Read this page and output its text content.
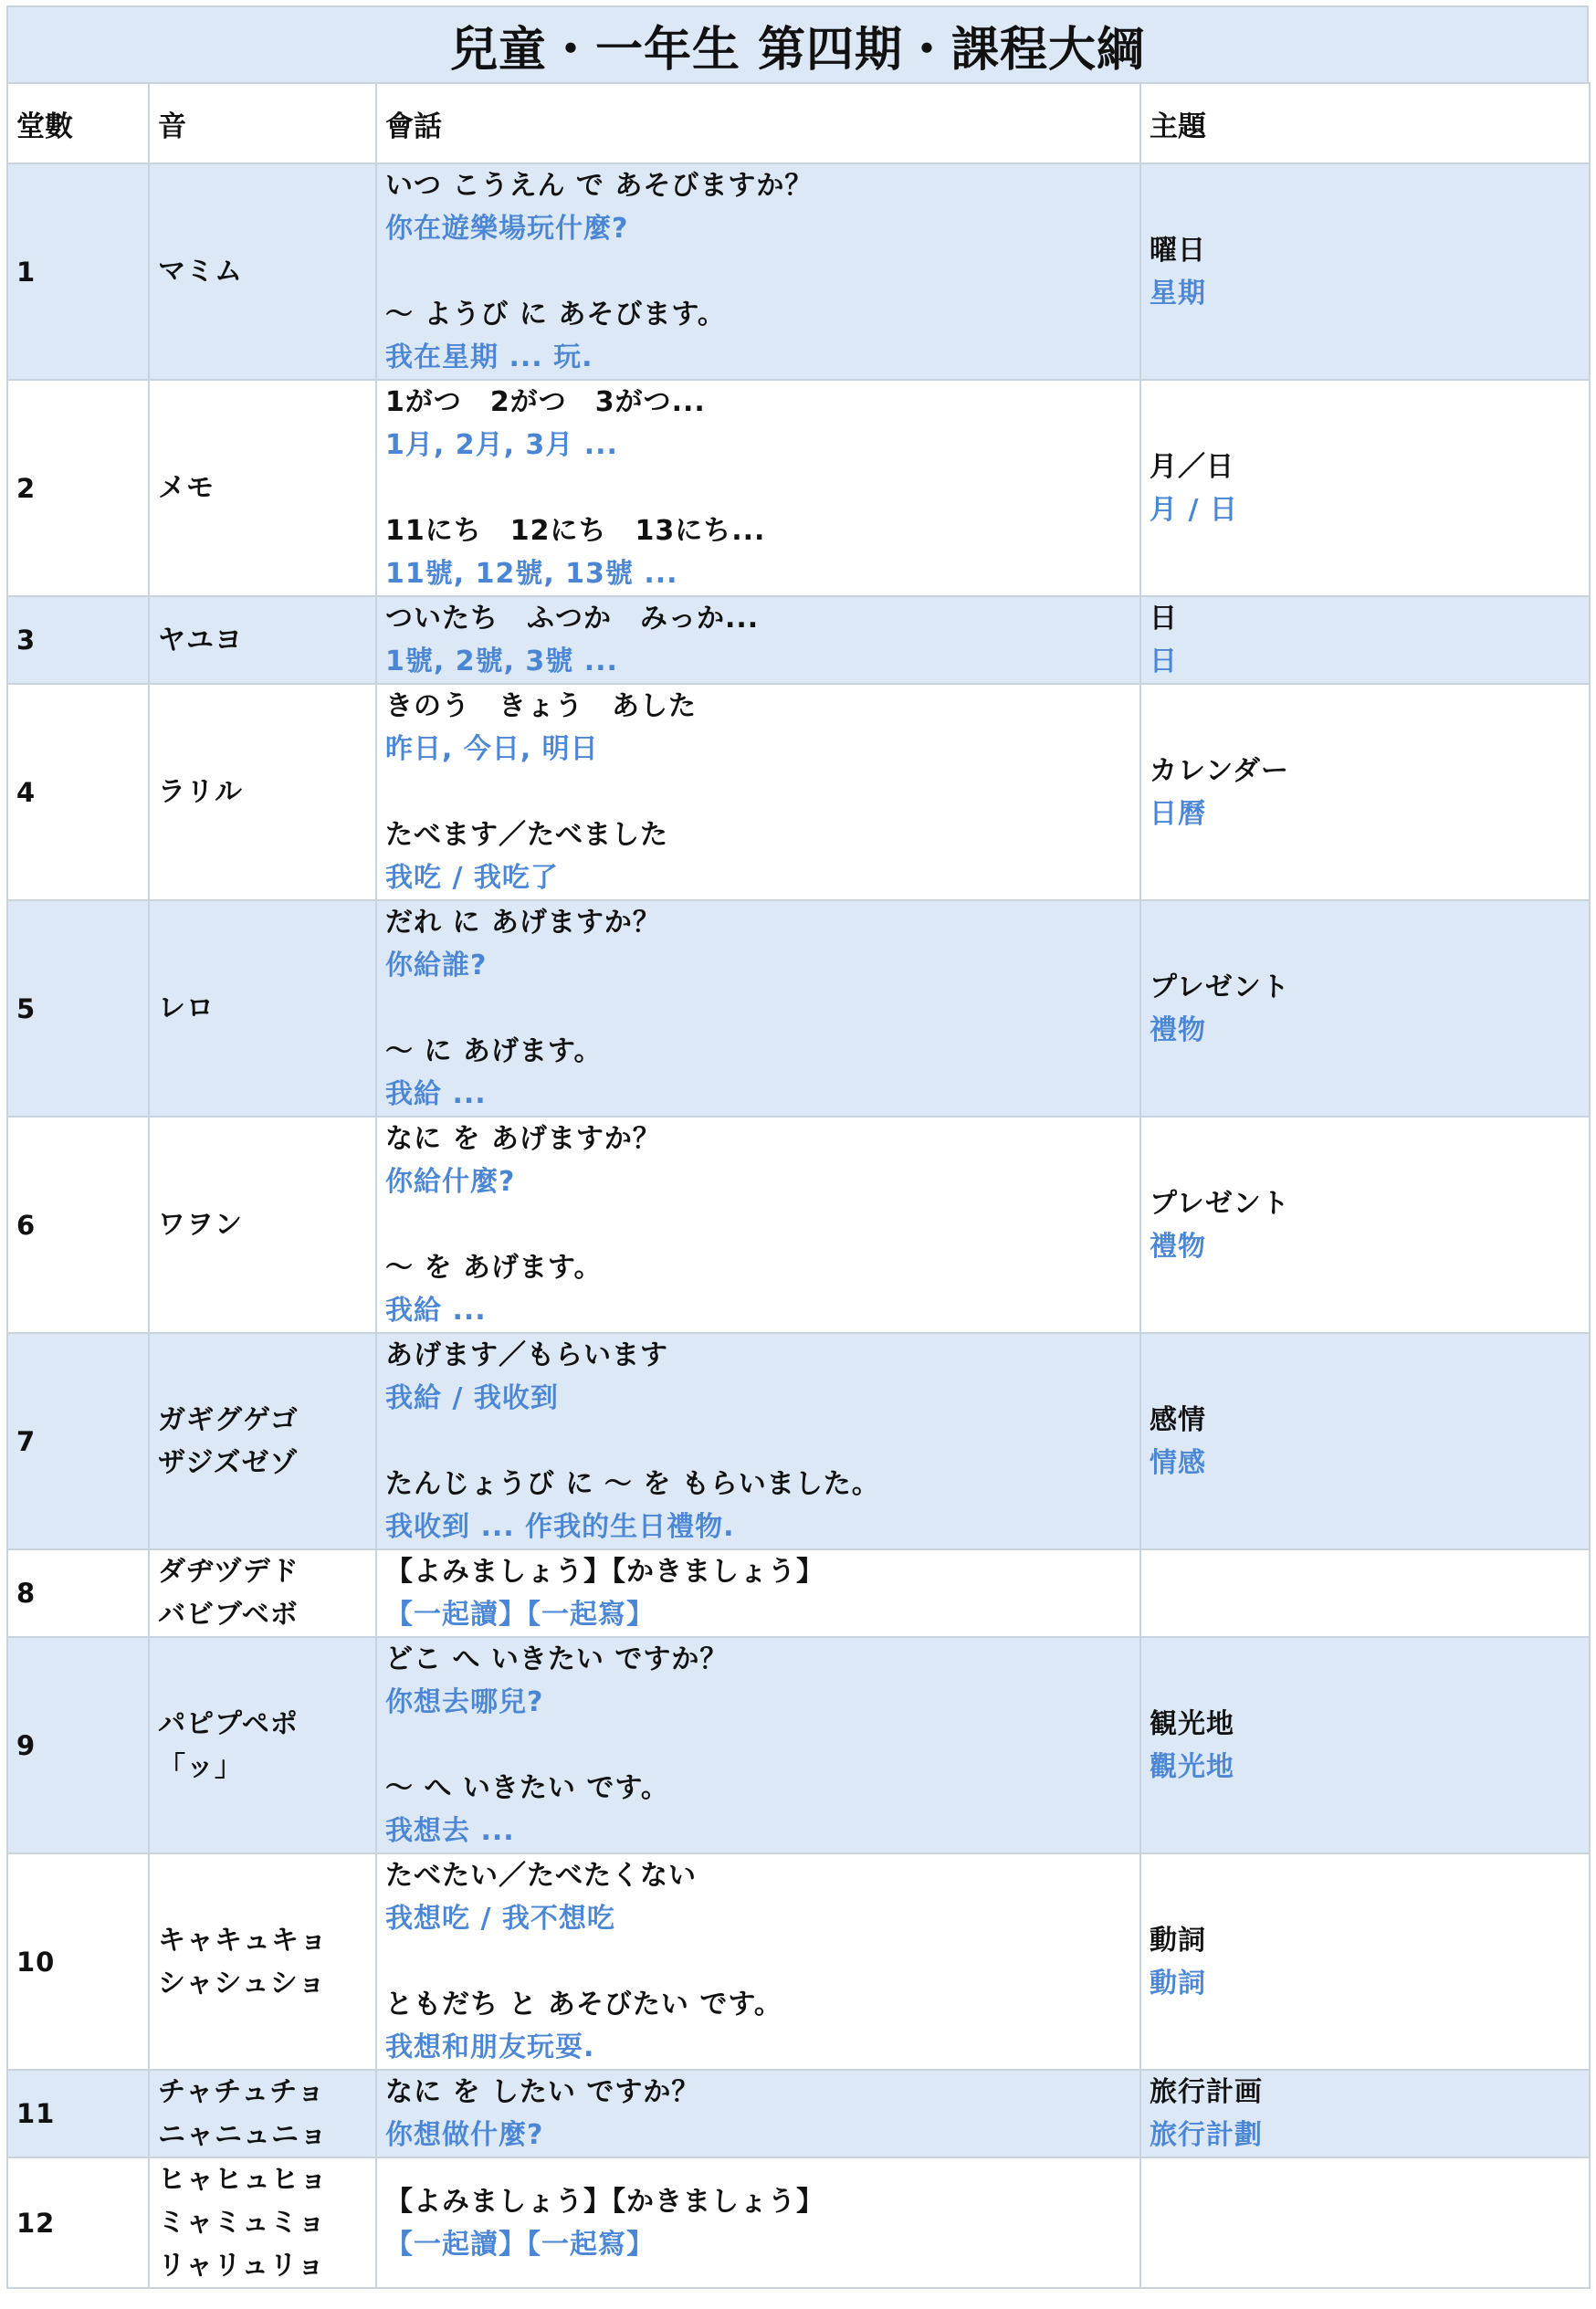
兒童・一年生 第四期・課程大綱
堂數	音	會話	主題
1	マミム	いつ こうえん で あそびますか？
你在遊樂場玩什麼?
〜 ようび に あそびます。
我在星期 ... 玩.	曜日
星期

2	メモ	1がつ　2がつ　3がつ...
1月, 2月, 3月 ...
11にち　12にち　13にち...
11號, 12號, 13號 ...	月／日
月 / 日

3	ヤユヨ	ついたち　ふつか　みっか...
1號, 2號, 3號 ...	日
日

4	ラリル	きのう　きょう　あした
昨日, 今日, 明日
たべます／たべました
我吃 / 我吃了	カレンダー
日曆

5	レロ	だれ に あげますか？
你給誰?
〜 に あげます。
我給 ...	プレゼント
禮物

6	ワヲン	なに を あげますか？
你給什麼?
〜 を あげます。
我給 ...	プレゼント
禮物

7	ガギグゲゴ
ザジズゼゾ	あげます／もらいます
我給 / 我收到
たんじょうび に 〜 を もらいました。
我收到 ... 作我的生日禮物.	感情
情感

8	ダヂヅデド
バビブベボ	【よみましょう】【かきましょう】
【一起讀】【一起寫】	

9	パピプペポ
「ッ」	どこ へ いきたい ですか？
你想去哪兒?
〜 へ いきたい です。
我想去 ...	観光地
觀光地

10	キャキュキョ
シャシュショ	たべたい／たべたくない
我想吃 / 我不想吃
ともだち と あそびたい です。
我想和朋友玩耍.	動詞
動詞

11	チャチュチョ
ニャニュニョ	なに を したい ですか？
你想做什麼?	旅行計画
旅行計劃

12	ヒャヒュヒョ
ミャミュミョ
リャリュリョ	【よみましょう】【かきましょう】
【一起讀】【一起寫】	
